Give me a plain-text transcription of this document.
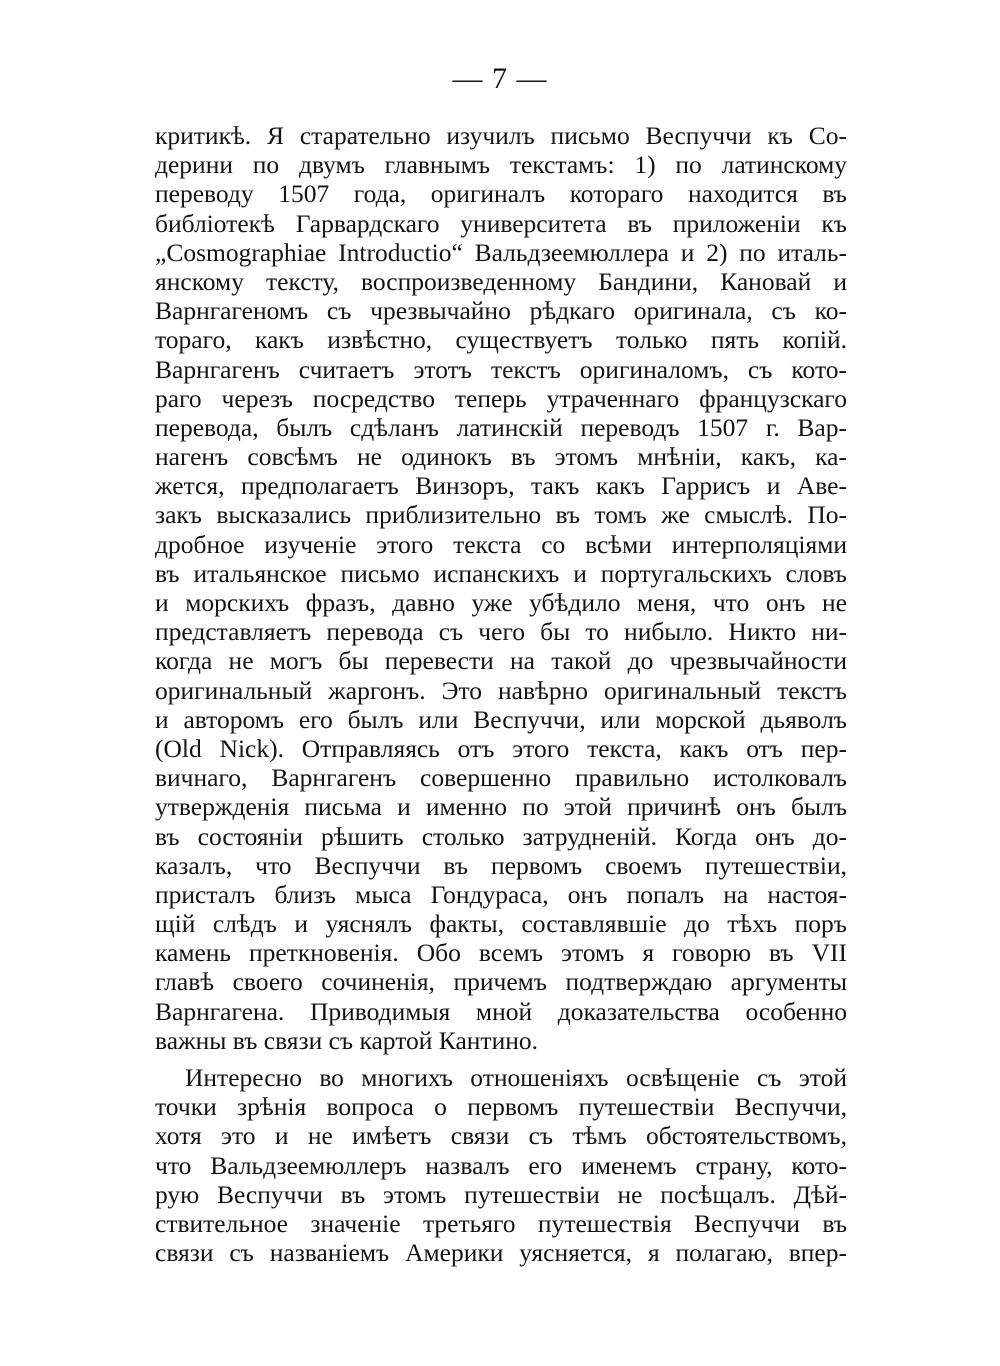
— 7 —
критикѣ. Я старательно изучилъ письмо Веспуччи къ Со-
дерини по двумъ главнымъ текстамъ: 1) по латинскому
переводу 1507 года, оригиналъ котораго находится въ
библіотекѣ Гарвардскаго университета въ приложеніи къ
„Cosmographiae Introductio“ Вальдзеемюллера и 2) по италь-
янскому тексту, воспроизведенному Бандини, Кановай и
Варнгагеномъ съ чрезвычайно рѣдкаго оригинала, съ ко-
тораго, какъ извѣстно, существуетъ только пять копій.
Варнгагенъ считаетъ этотъ текстъ оригиналомъ, съ кото-
раго черезъ посредство теперь утраченнаго французскаго
перевода, былъ сдѣланъ латинскій переводъ 1507 г. Вар-
нагенъ совсѣмъ не одинокъ въ этомъ мнѣніи, какъ, ка-
жется, предполагаетъ Винзоръ, такъ какъ Гаррисъ и Аве-
закъ высказались приблизительно въ томъ же смыслѣ. По-
дробное изученіе этого текста со всѣми интерполяціями
въ итальянское письмо испанскихъ и португальскихъ словъ
и морскихъ фразъ, давно уже убѣдило меня, что онъ не
представляетъ перевода съ чего бы то нибыло. Никто ни-
когда не могъ бы перевести на такой до чрезвычайности
оригинальный жаргонъ. Это навѣрно оригинальный текстъ
и авторомъ его былъ или Веспуччи, или морской дьяволъ
(Old Nick). Отправляясь отъ этого текста, какъ отъ пер-
вичнаго, Варнгагенъ совершенно правильно истолковалъ
утвержденія письма и именно по этой причинѣ онъ былъ
въ состояніи рѣшить столько затрудненій. Когда онъ до-
казалъ, что Веспуччи въ первомъ своемъ путешествіи,
присталъ близъ мыса Гондураса, онъ попалъ на настоя-
щій слѣдъ и уяснялъ факты, составлявшіе до тѣхъ поръ
камень преткновенія. Обо всемъ этомъ я говорю въ VII
главѣ своего сочиненія, причемъ подтверждаю аргументы
Варнгагена. Приводимыя мной доказательства особенно
важны въ связи съ картой Кантино.
Интересно во многихъ отношеніяхъ освѣщеніе съ этой
точки зрѣнія вопроса о первомъ путешествіи Веспуччи,
хотя это и не имѣетъ связи съ тѣмъ обстоятельствомъ,
что Вальдзеемюллеръ назвалъ его именемъ страну, кото-
рую Веспуччи въ этомъ путешествіи не посѣщалъ. Дѣй-
ствительное значеніе третьяго путешествія Веспуччи въ
связи съ названіемъ Америки уясняется, я полагаю, впер-
